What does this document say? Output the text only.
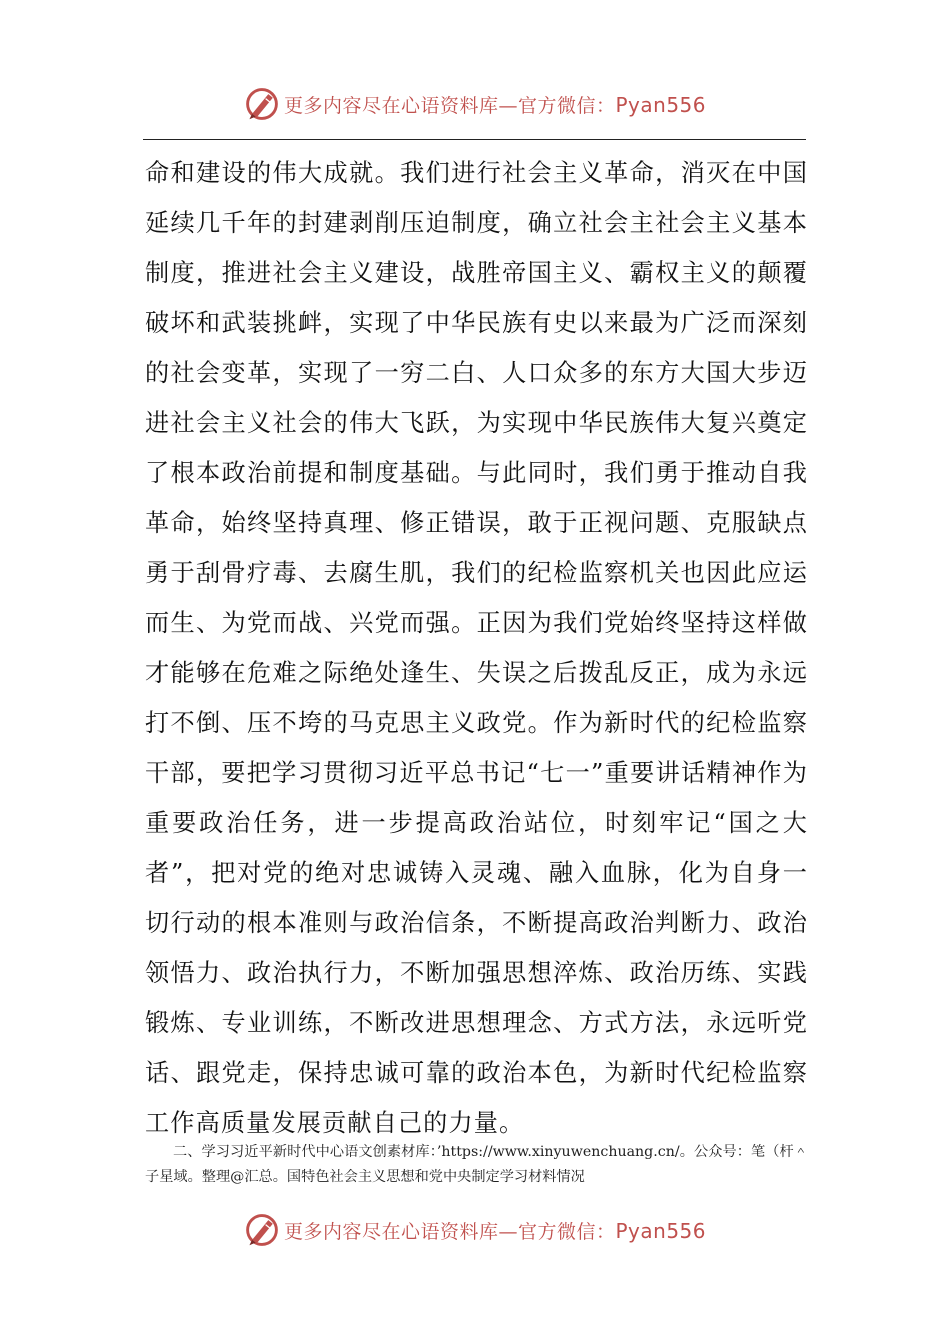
更多内容尽在心语资料库—官方微信：Pyan556

命和建设的伟大成就。我们进行社会主义革命，消灭在中国延续几千年的封建剥削压迫制度，确立社会主社会主义基本制度，推进社会主义建设，战胜帝国主义、霸权主义的颠覆破坏和武装挑衅，实现了中华民族有史以来最为广泛而深刻的社会变革，实现了一穷二白、人口众多的东方大国大步迈进社会主义社会的伟大飞跃，为实现中华民族伟大复兴奠定了根本政治前提和制度基础。与此同时，我们勇于推动自我革命，始终坚持真理、修正错误，敢于正视问题、克服缺点勇于刮骨疗毒、去腐生肌，我们的纪检监察机关也因此应运而生、为党而战、兴党而强。正因为我们党始终坚持这样做才能够在危难之际绝处逢生、失误之后拨乱反正，成为永远打不倒、压不垮的马克思主义政党。作为新时代的纪检监察干部，要把学习贯彻习近平总书记“七一”重要讲话精神作为重要政治任务，进一步提高政治站位，时刻牢记“国之大者”，把对党的绝对忠诚铸入灵魂、融入血脉，化为自身一切行动的根本准则与政治信条，不断提高政治判断力、政治领悟力、政治执行力，不断加强思想淬炼、政治历练、实践锻炼、专业训练，不断改进思想理念、方式方法，永远听党话、跟党走，保持忠诚可靠的政治本色，为新时代纪检监察工作高质量发展贡献自己的力量。

二、学习习近平新时代中心语文创素材库：’https://www.xinyuwenchuang.cn/。公众号：笔（杆＾子星域。整理@汇总。国特色社会主义思想和党中央制定学习材料情况

更多内容尽在心语资料库—官方微信：Pyan556
